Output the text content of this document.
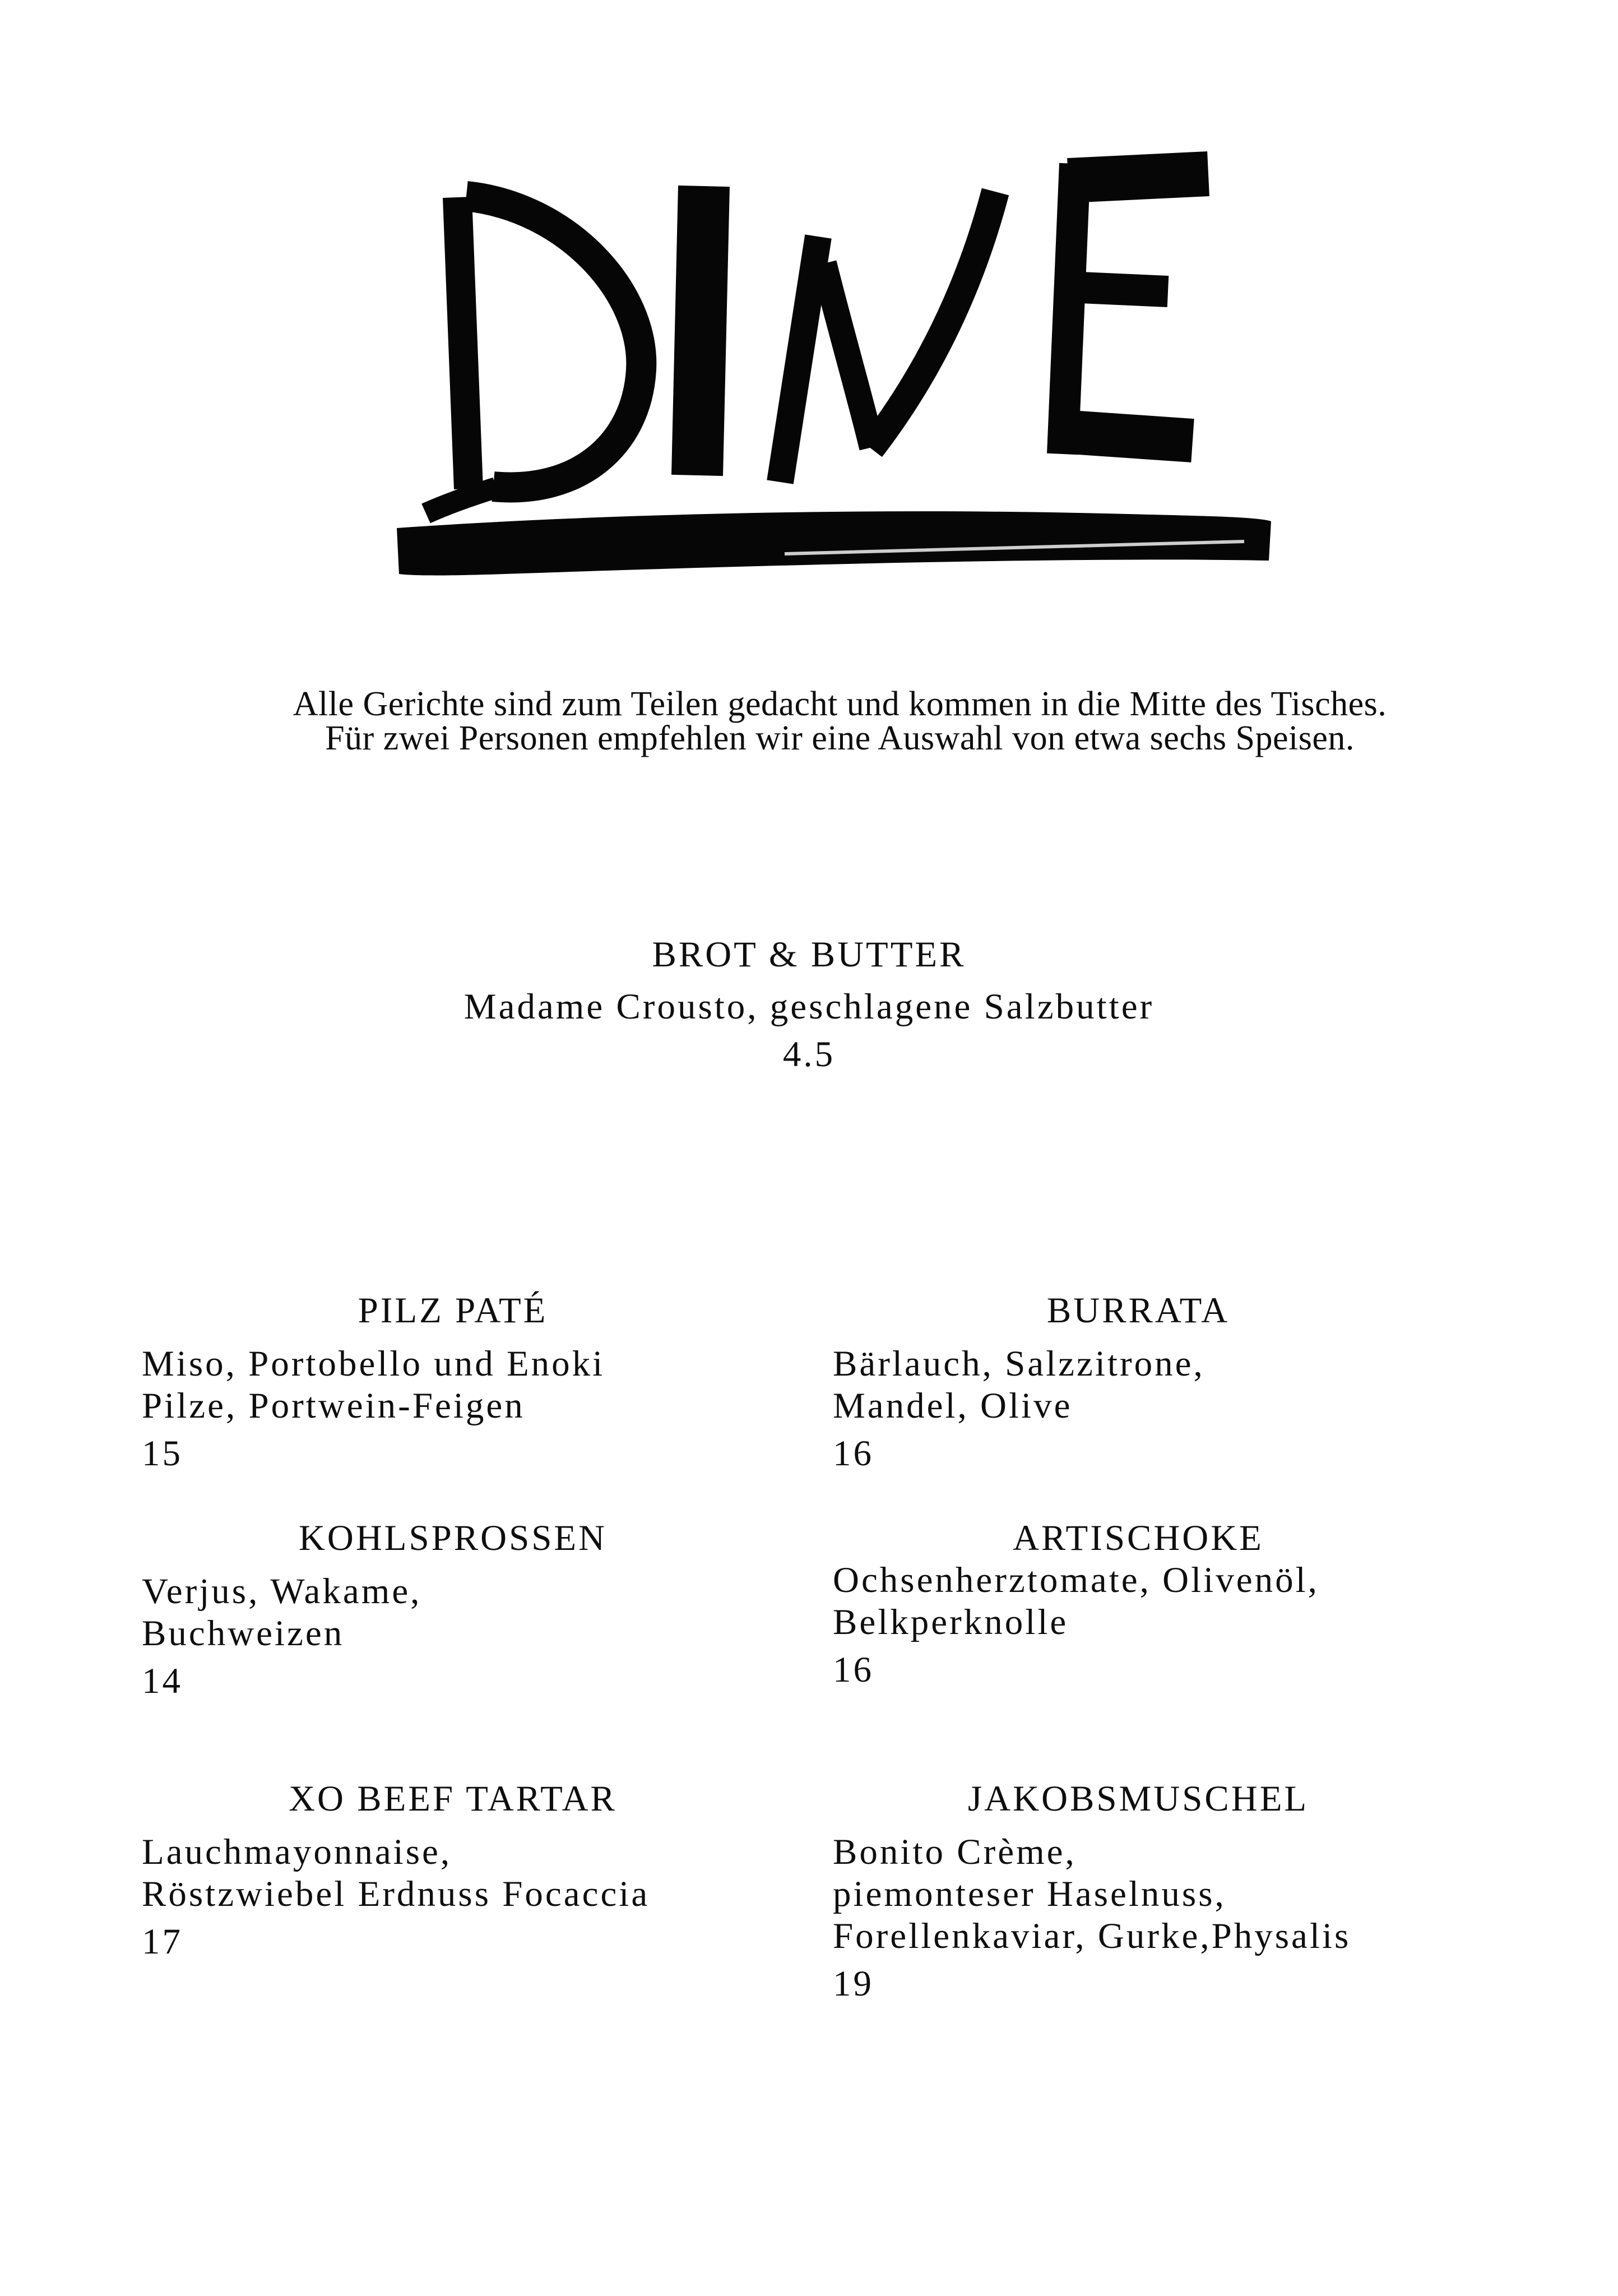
Alle Gerichte sind zum Teilen gedacht und kommen in die Mitte des Tisches.
Für zwei Personen empfehlen wir eine Auswahl von etwa sechs Speisen.
BROT & BUTTER

Madame Crousto, geschlagene Salzbutter

4.5

PILZ PATÉ

Miso, Portobello und Enoki
Pilze, Portwein-Feigen

15

BURRATA

Bärlauch, Salzzitrone,
Mandel, Olive

16

KOHLSPROSSEN

Verjus, Wakame,
Buchweizen

14

ARTISCHOKE

Ochsenherztomate, Olivenöl,
Belkperknolle

16

XO BEEF TARTAR

Lauchmayonnaise,
Röstzwiebel Erdnuss Focaccia

17

JAKOBSMUSCHEL

Bonito Crème,
piemonteser Haselnuss,
Forellenkaviar, Gurke,Physalis

19
